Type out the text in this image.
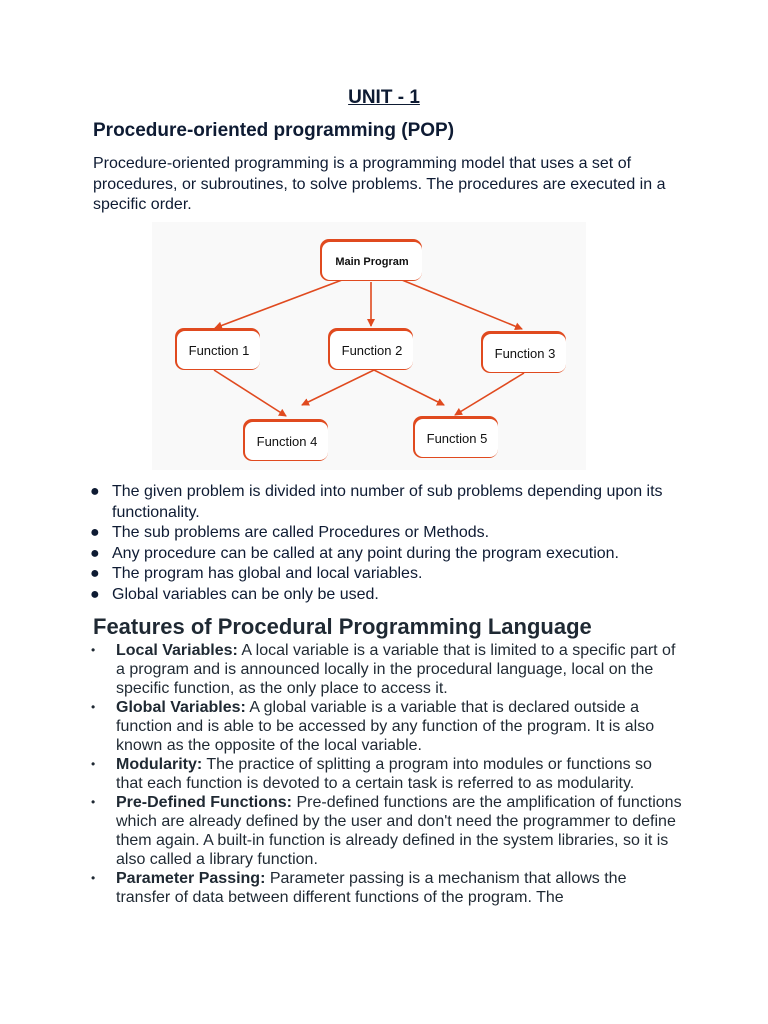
UNIT - 1
Procedure-oriented programming (POP)
Procedure-oriented programming is a programming model that uses a set of procedures, or subroutines, to solve problems. The procedures are executed in a specific order.
Main Program
Function 1	Function 2	Function 3
Function 4	Function 5
● The given problem is divided into number of sub problems depending upon its functionality.
● The sub problems are called Procedures or Methods.
● Any procedure can be called at any point during the program execution.
● The program has global and local variables.
● Global variables can be only be used.
Features of Procedural Programming Language
• Local Variables: A local variable is a variable that is limited to a specific part of a program and is announced locally in the procedural language, local on the specific function, as the only place to access it.
• Global Variables: A global variable is a variable that is declared outside a function and is able to be accessed by any function of the program. It is also known as the opposite of the local variable.
• Modularity: The practice of splitting a program into modules or functions so that each function is devoted to a certain task is referred to as modularity.
• Pre-Defined Functions: Pre-defined functions are the amplification of functions which are already defined by the user and don't need the programmer to define them again. A built-in function is already defined in the system libraries, so it is also called a library function.
• Parameter Passing: Parameter passing is a mechanism that allows the transfer of data between different functions of the program. The
